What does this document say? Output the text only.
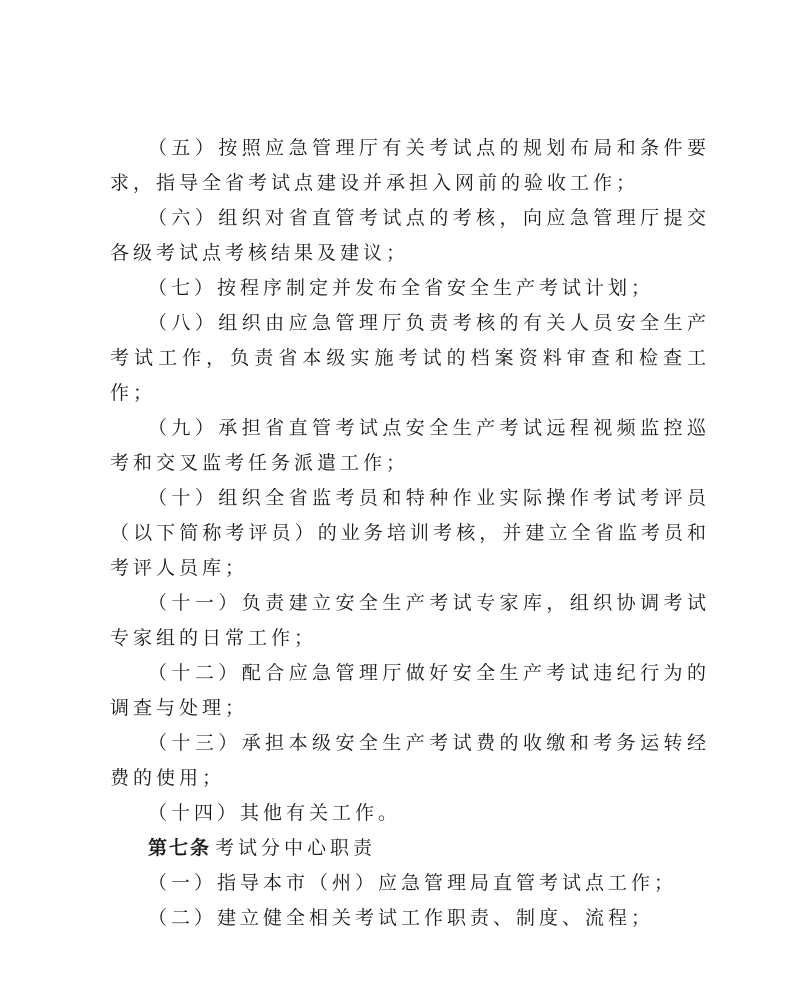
（五）按照应急管理厅有关考试点的规划布局和条件要求，指导全省考试点建设并承担入网前的验收工作；

（六）组织对省直管考试点的考核，向应急管理厅提交各级考试点考核结果及建议；

（七）按程序制定并发布全省安全生产考试计划；

（八）组织由应急管理厅负责考核的有关人员安全生产考试工作，负责省本级实施考试的档案资料审查和检查工作；

（九）承担省直管考试点安全生产考试远程视频监控巡考和交叉监考任务派遣工作；

（十）组织全省监考员和特种作业实际操作考试考评员（以下简称考评员）的业务培训考核，并建立全省监考员和考评人员库；

（十一）负责建立安全生产考试专家库，组织协调考试专家组的日常工作；

（十二）配合应急管理厅做好安全生产考试违纪行为的调查与处理；

（十三）承担本级安全生产考试费的收缴和考务运转经费的使用；

（十四）其他有关工作。

第七条 考试分中心职责

（一）指导本市（州）应急管理局直管考试点工作；

（二）建立健全相关考试工作职责、制度、流程；
